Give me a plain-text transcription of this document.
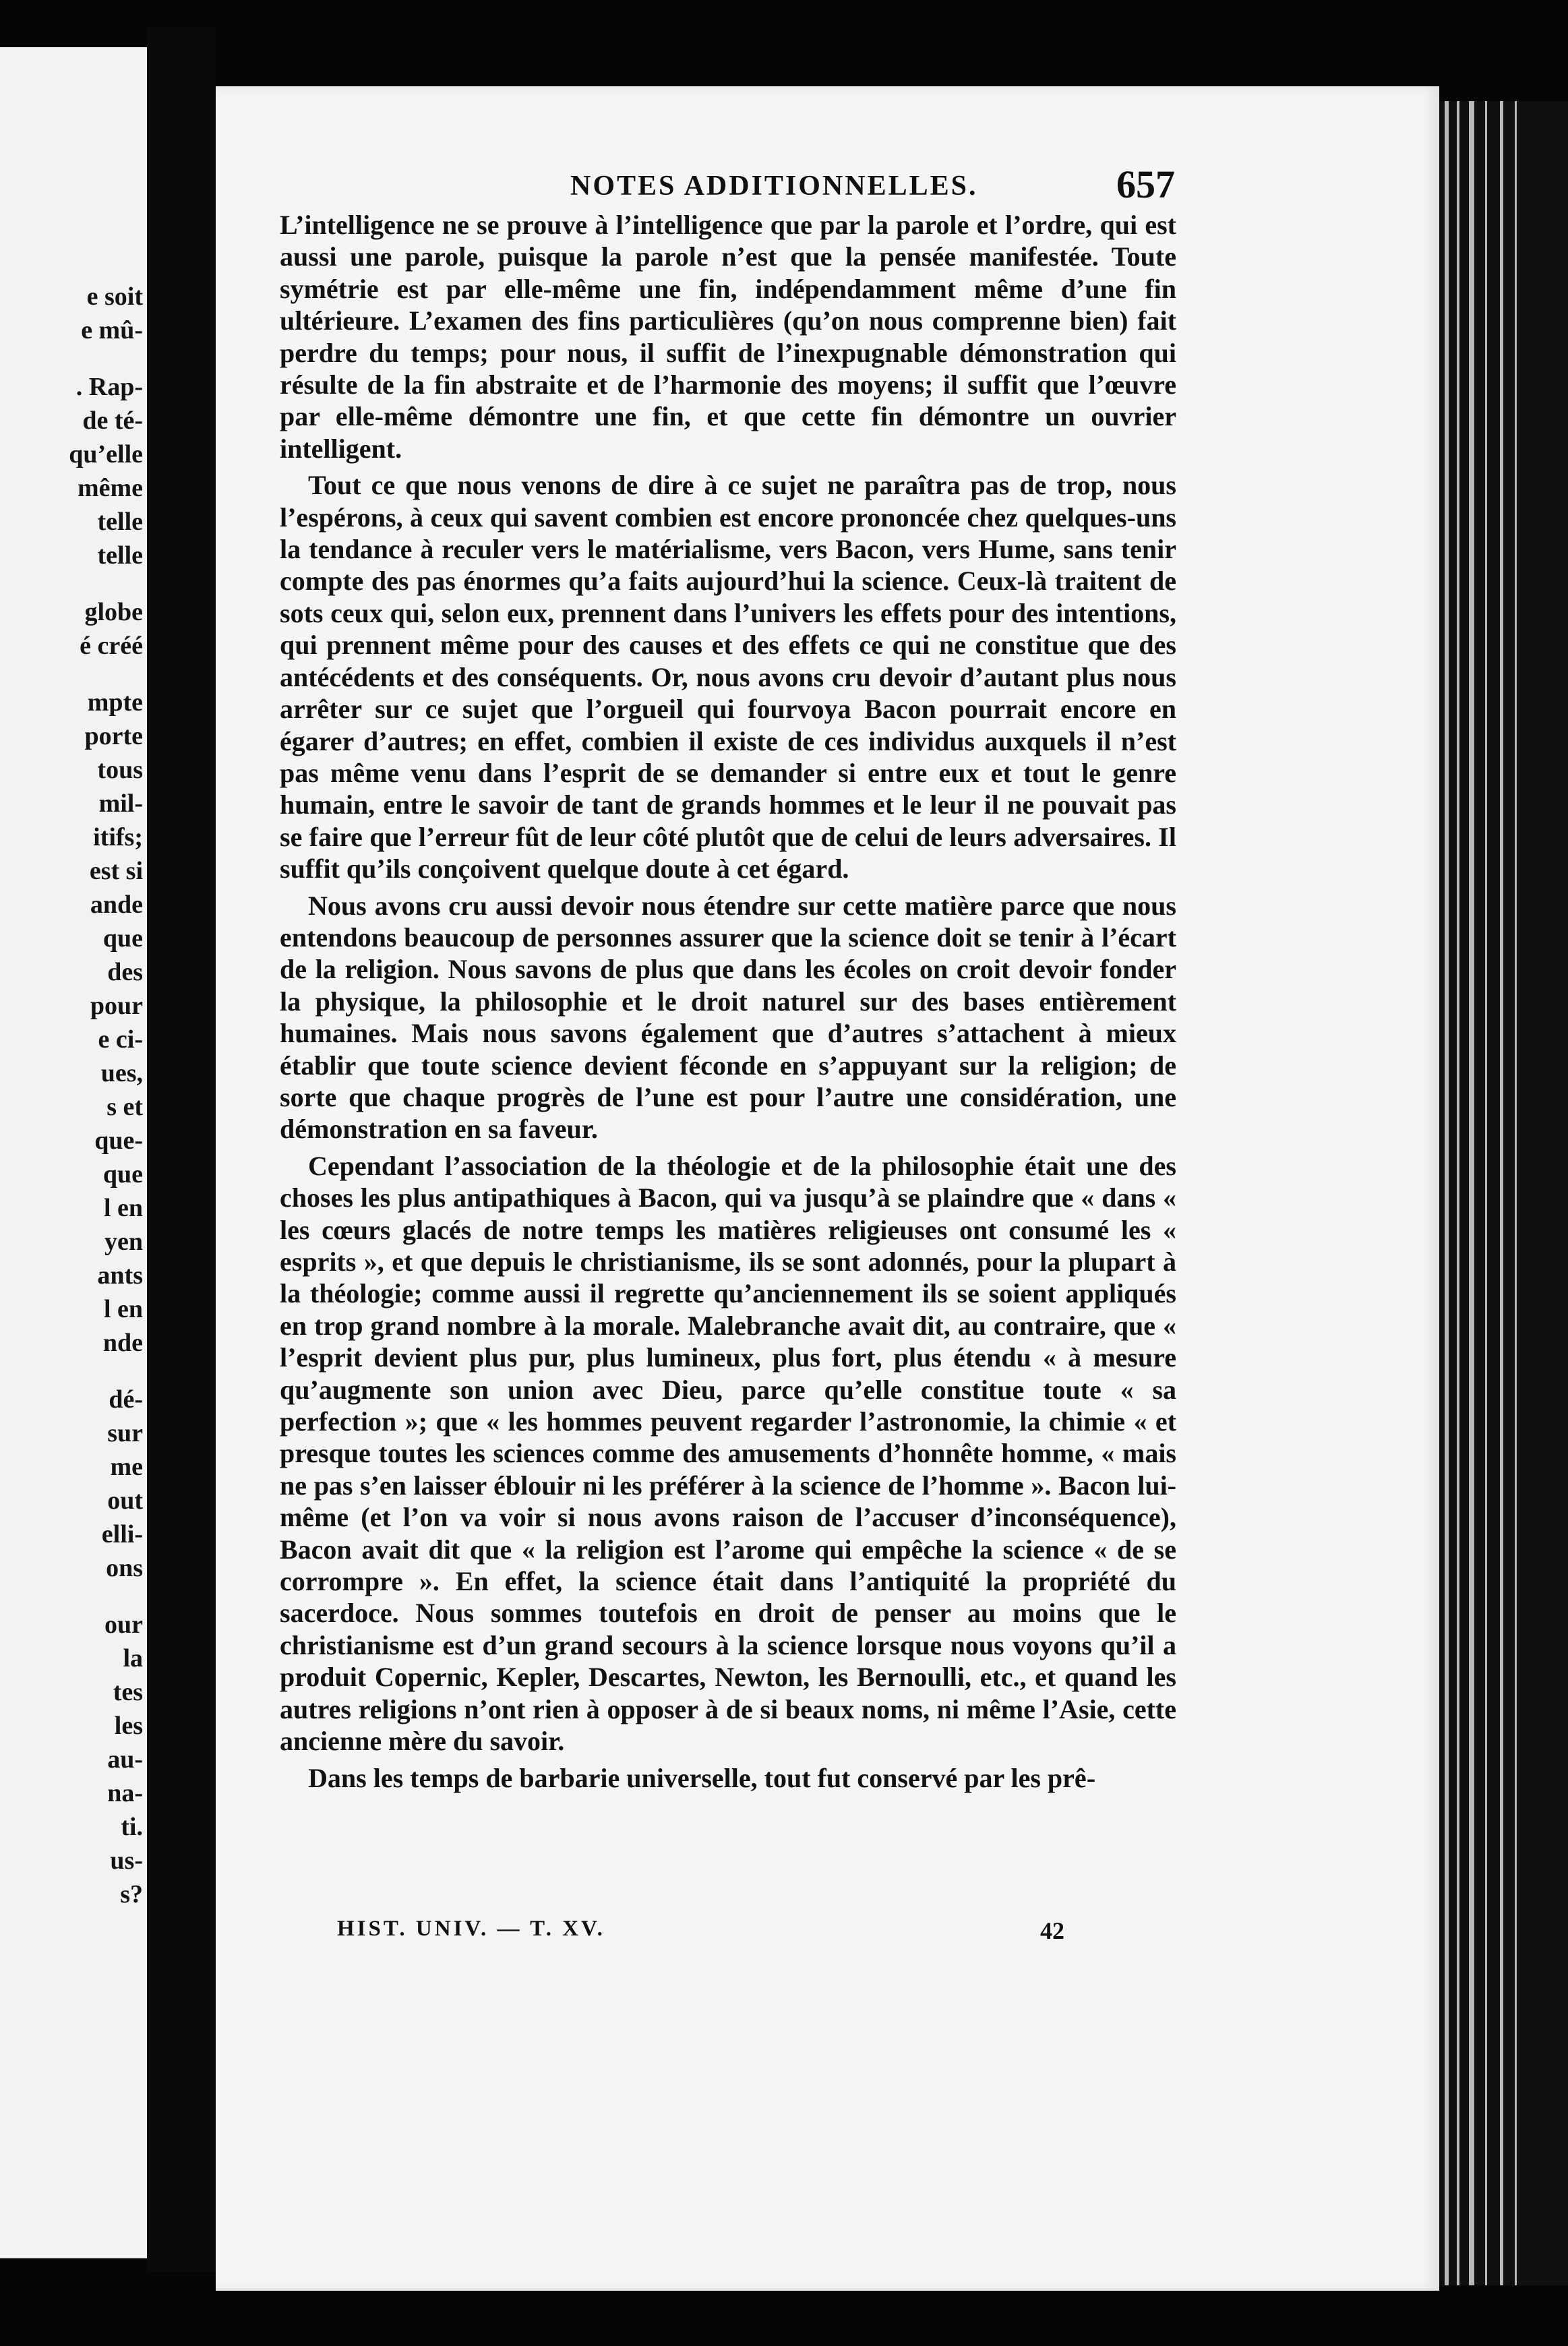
e soit
e mû-
. Rap-
de té-
qu’elle
même
telle
telle
globe
é créé
mpte
porte
tous
mil-
itifs;
est si
ande
que
des
pour
e ci-
ues,
s et
que-
que
l en
yen
ants
l en
nde
dé-
sur
me
out
elli-
ons
our
la
tes
les
au-
na-
ti.
us-
s?
NOTES ADDITIONNELLES.	657

L’intelligence ne se prouve à l’intelligence que par la parole et l’ordre, qui est aussi une parole, puisque la parole n’est que la pensée manifestée. Toute symétrie est par elle-même une fin, indépendamment même d’une fin ultérieure. L’examen des fins particulières (qu’on nous comprenne bien) fait perdre du temps; pour nous, il suffit de l’inexpugnable démonstration qui résulte de la fin abstraite et de l’harmonie des moyens; il suffit que l’œuvre par elle-même démontre une fin, et que cette fin démontre un ouvrier intelligent.

Tout ce que nous venons de dire à ce sujet ne paraîtra pas de trop, nous l’espérons, à ceux qui savent combien est encore prononcée chez quelques-uns la tendance à reculer vers le matérialisme, vers Bacon, vers Hume, sans tenir compte des pas énormes qu’a faits aujourd’hui la science. Ceux-là traitent de sots ceux qui, selon eux, prennent dans l’univers les effets pour des intentions, qui prennent même pour des causes et des effets ce qui ne constitue que des antécédents et des conséquents. Or, nous avons cru devoir d’autant plus nous arrêter sur ce sujet que l’orgueil qui fourvoya Bacon pourrait encore en égarer d’autres; en effet, combien il existe de ces individus auxquels il n’est pas même venu dans l’esprit de se demander si entre eux et tout le genre humain, entre le savoir de tant de grands hommes et le leur il ne pouvait pas se faire que l’erreur fût de leur côté plutôt que de celui de leurs adversaires. Il suffit qu’ils conçoivent quelque doute à cet égard.

Nous avons cru aussi devoir nous étendre sur cette matière parce que nous entendons beaucoup de personnes assurer que la science doit se tenir à l’écart de la religion. Nous savons de plus que dans les écoles on croit devoir fonder la physique, la philosophie et le droit naturel sur des bases entièrement humaines. Mais nous savons également que d’autres s’attachent à mieux établir que toute science devient féconde en s’appuyant sur la religion; de sorte que chaque progrès de l’une est pour l’autre une considération, une démonstration en sa faveur.

Cependant l’association de la théologie et de la philosophie était une des choses les plus antipathiques à Bacon, qui va jusqu’à se plaindre que « dans « les cœurs glacés de notre temps les matières religieuses ont consumé les « esprits », et que depuis le christianisme, ils se sont adonnés, pour la plupart à la théologie; comme aussi il regrette qu’anciennement ils se soient appliqués en trop grand nombre à la morale. Malebranche avait dit, au contraire, que « l’esprit devient plus pur, plus lumineux, plus fort, plus étendu « à mesure qu’augmente son union avec Dieu, parce qu’elle constitue toute « sa perfection »; que « les hommes peuvent regarder l’astronomie, la chimie « et presque toutes les sciences comme des amusements d’honnête homme, « mais ne pas s’en laisser éblouir ni les préférer à la science de l’homme ». Bacon lui-même (et l’on va voir si nous avons raison de l’accuser d’inconséquence), Bacon avait dit que « la religion est l’arome qui empêche la science « de se corrompre ». En effet, la science était dans l’antiquité la propriété du sacerdoce. Nous sommes toutefois en droit de penser au moins que le christianisme est d’un grand secours à la science lorsque nous voyons qu’il a produit Copernic, Kepler, Descartes, Newton, les Bernoulli, etc., et quand les autres religions n’ont rien à opposer à de si beaux noms, ni même l’Asie, cette ancienne mère du savoir.

Dans les temps de barbarie universelle, tout fut conservé par les prê-

HIST. UNIV. — T. XV.	42
